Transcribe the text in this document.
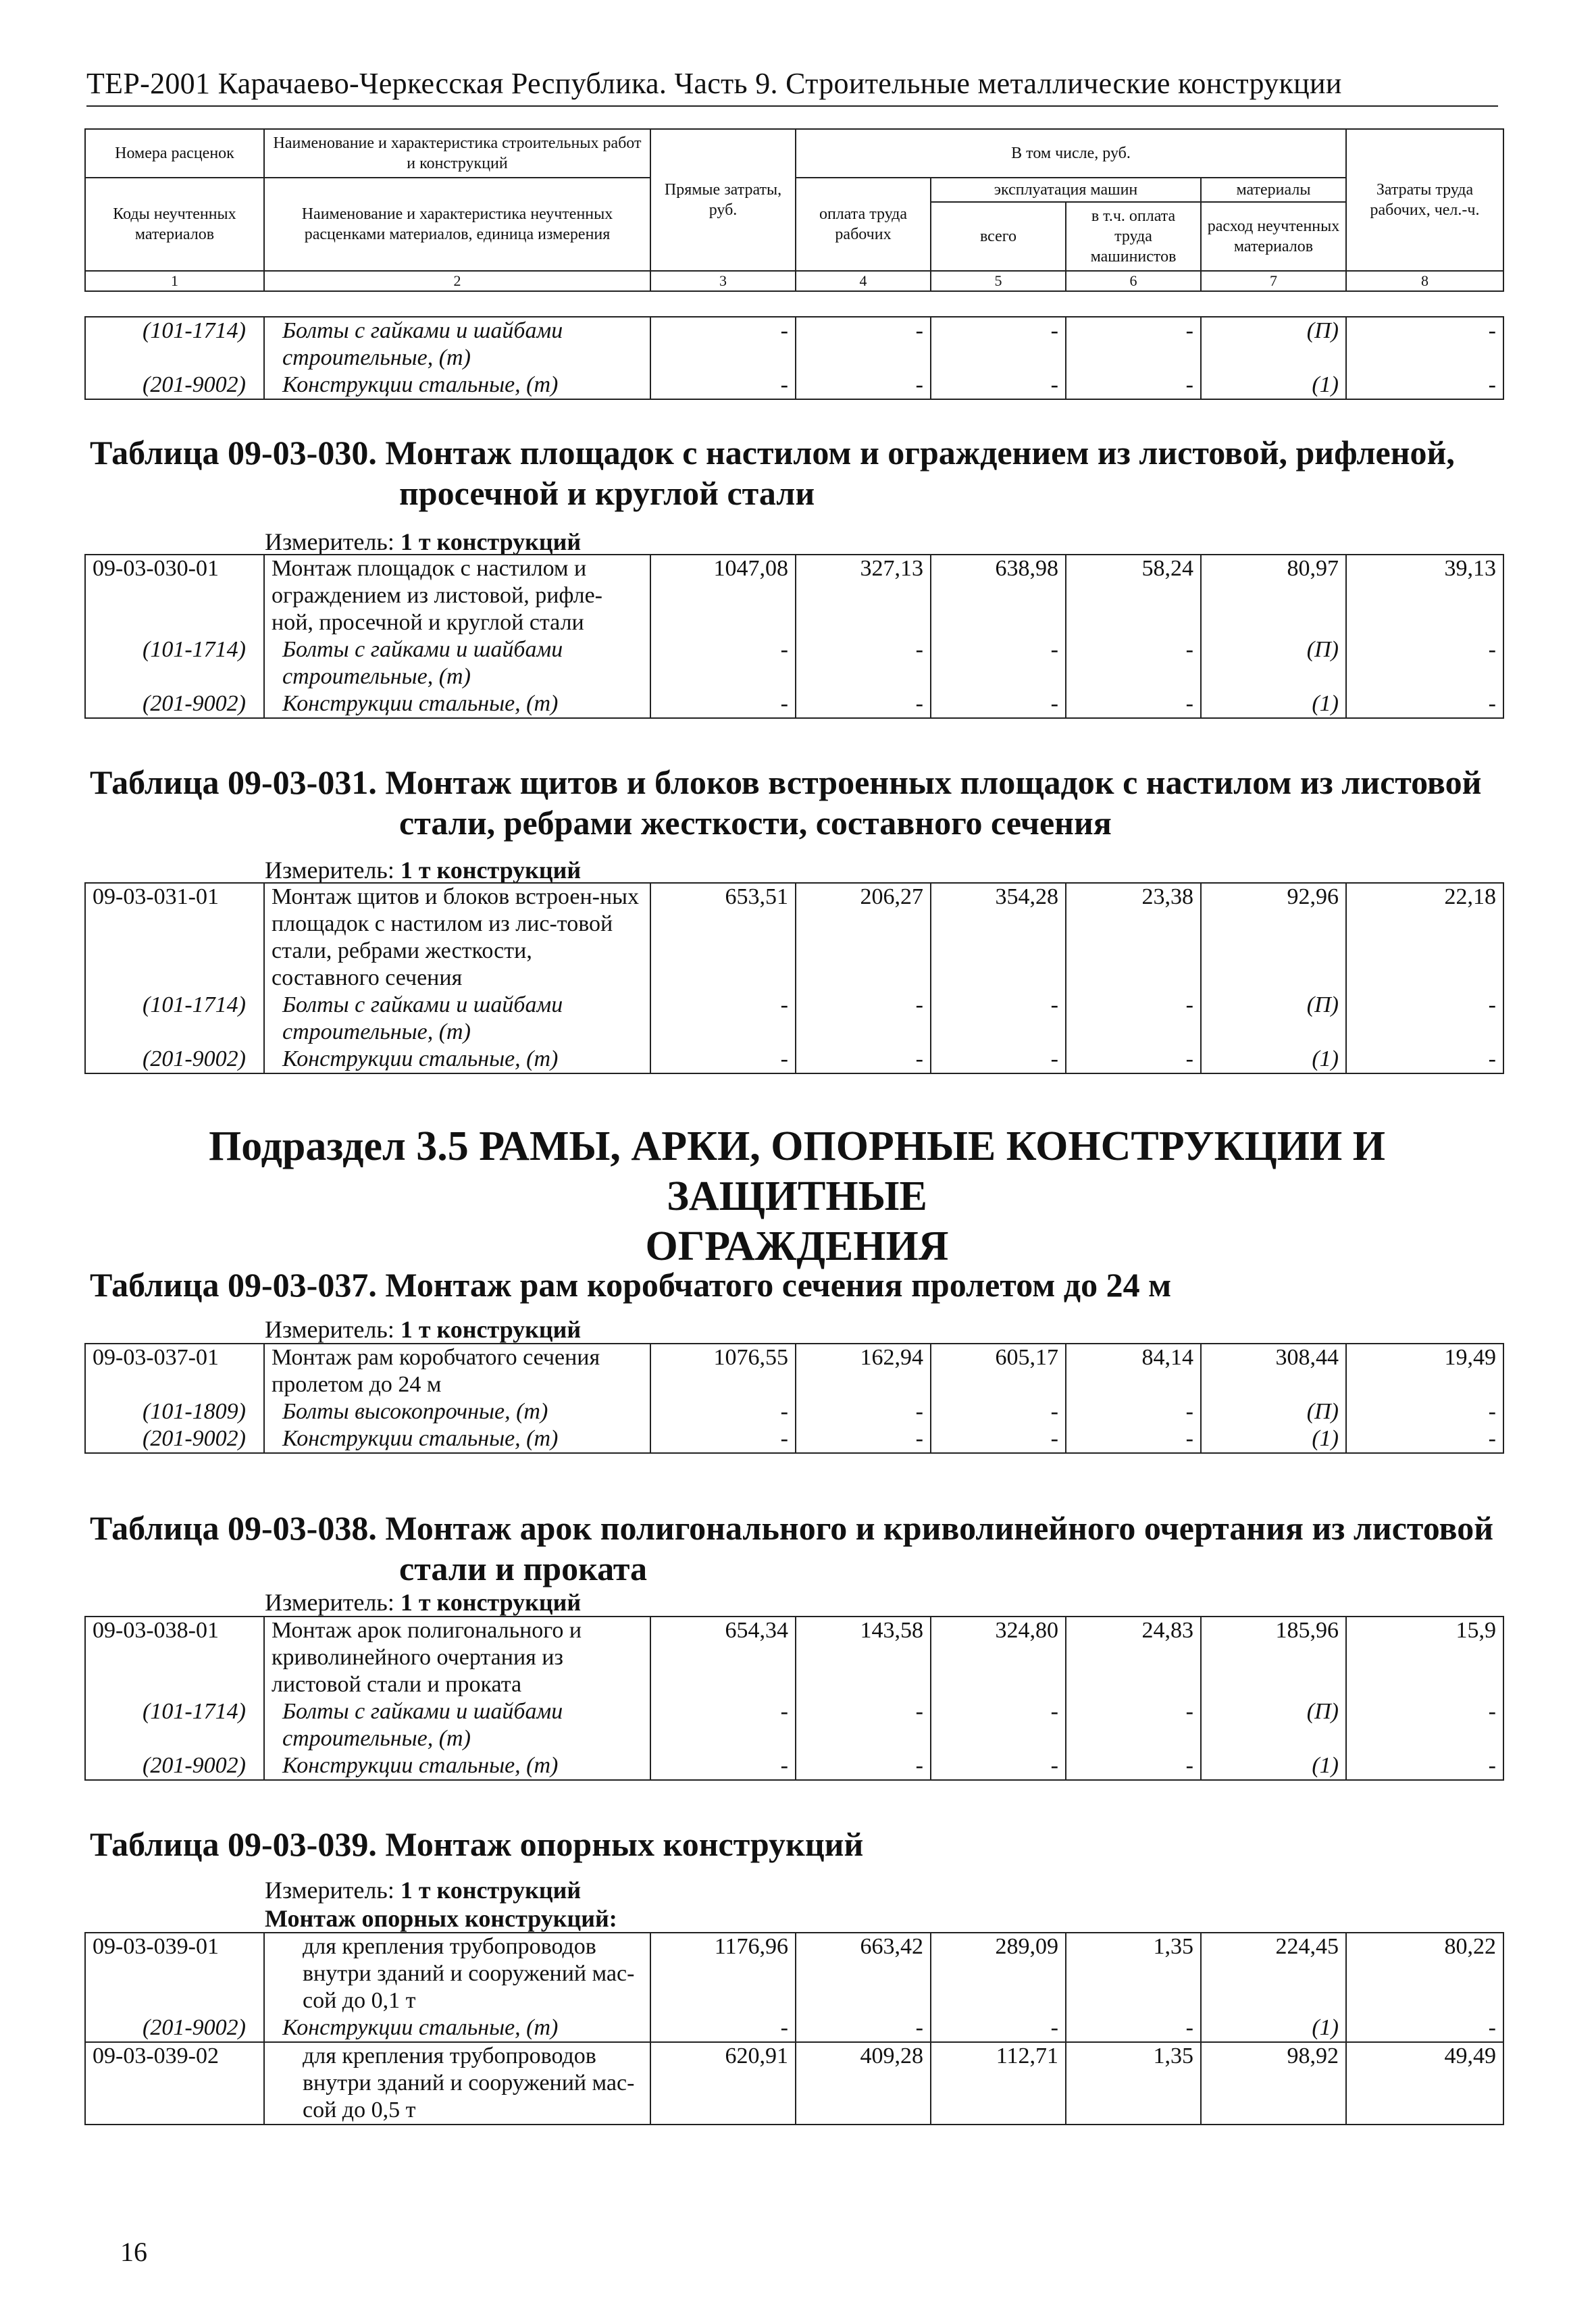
ТЕР-2001 Карачаево-Черкесская Республика. Часть 9. Строительные металлические конструкции
Номера расценок	Наименование и характеристика строительных работ и конструкций	Прямые затраты, руб.	В том числе, руб.				Затраты труда рабочих, чел.-ч.
Коды неучтенных материалов	Наименование и характеристика неучтенных расценками материалов, единица измерения		оплата труда рабочих	эксплуатация машин		материалы	
				всего	в т.ч. оплата труда машинистов	расход неучтенных материалов	

1	2	3	4	5	6	7	8
(101-1714)	Болты с гайками и шайбами строительные, (т)	-	-	-	-	(П)	-
(201-9002)	Конструкции стальные, (т)	-	-	-	-	(1)	-
Таблица 09-03-030. Монтаж площадок с настилом и ограждением из листовой, рифленой,
просечной и круглой стали
Измеритель: 1 т конструкций
09-03-030-01	Монтаж площадок с настилом и ограждением из листовой, рифле-ной, просечной и круглой стали	1047,08	327,13	638,98	58,24	80,97	39,13
(101-1714)	Болты с гайками и шайбами строительные, (т)	-	-	-	-	(П)	-
(201-9002)	Конструкции стальные, (т)	-	-	-	-	(1)	-
Таблица 09-03-031. Монтаж щитов и блоков встроенных площадок с настилом из листовой
стали, ребрами жесткости, составного сечения
Измеритель: 1 т конструкций
09-03-031-01	Монтаж щитов и блоков встроен-ных площадок с настилом из лис-товой стали, ребрами жесткости, составного сечения	653,51	206,27	354,28	23,38	92,96	22,18
(101-1714)	Болты с гайками и шайбами строительные, (т)	-	-	-	-	(П)	-
(201-9002)	Конструкции стальные, (т)	-	-	-	-	(1)	-
Подраздел 3.5 РАМЫ, АРКИ, ОПОРНЫЕ КОНСТРУКЦИИ И ЗАЩИТНЫЕ
ОГРАЖДЕНИЯ
Таблица 09-03-037. Монтаж рам коробчатого сечения пролетом до 24 м
Измеритель: 1 т конструкций
09-03-037-01	Монтаж рам коробчатого сечения пролетом до 24 м	1076,55	162,94	605,17	84,14	308,44	19,49
(101-1809)	Болты высокопрочные, (т)	-	-	-	-	(П)	-
(201-9002)	Конструкции стальные, (т)	-	-	-	-	(1)	-
Таблица 09-03-038. Монтаж арок полигонального и криволинейного очертания из листовой
стали и проката
Измеритель: 1 т конструкций
09-03-038-01	Монтаж арок полигонального и криволинейного очертания из листовой стали и проката	654,34	143,58	324,80	24,83	185,96	15,9
(101-1714)	Болты с гайками и шайбами строительные, (т)	-	-	-	-	(П)	-
(201-9002)	Конструкции стальные, (т)	-	-	-	-	(1)	-
Таблица 09-03-039. Монтаж опорных конструкций
Измеритель: 1 т конструкций
Монтаж опорных конструкций:
09-03-039-01	для крепления трубопроводов внутри зданий и сооружений мас-сой до 0,1 т	1176,96	663,42	289,09	1,35	224,45	80,22
(201-9002)	Конструкции стальные, (т)	-	-	-	-	(1)	-
09-03-039-02	для крепления трубопроводов внутри зданий и сооружений мас-сой до 0,5 т	620,91	409,28	112,71	1,35	98,92	49,49
16
